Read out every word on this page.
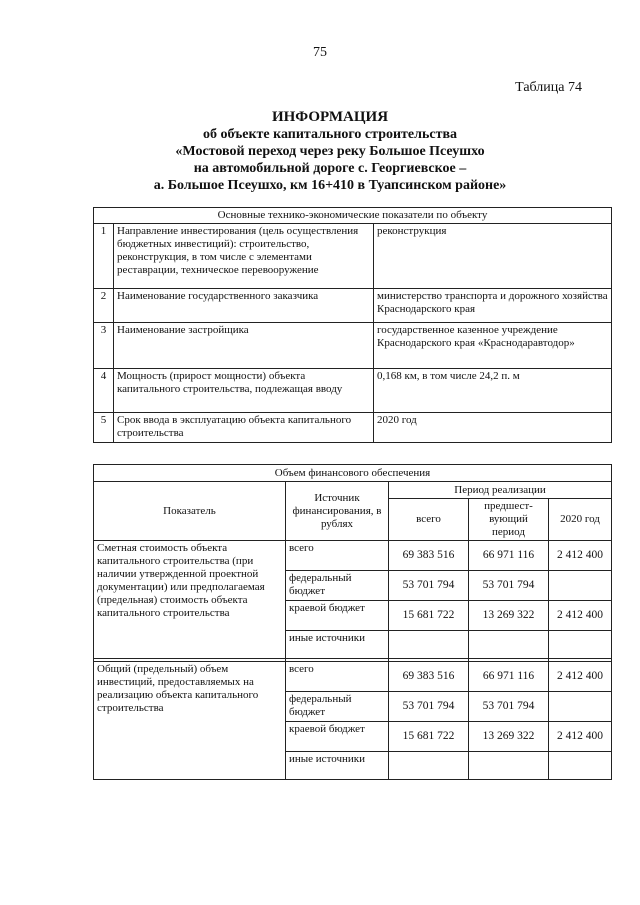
75
Таблица 74
ИНФОРМАЦИЯ
об объекте капитального строительства
«Мостовой переход через реку Большое Псеушхо
на автомобильной дороге с. Георгиевское –
а. Большое Псеушхо, км 16+410 в Туапсинском районе»
Основные технико-экономические показатели по объекту		
1	Направление инвестирования (цель осуществления бюджетных инвестиций): строительство, реконструкция, в том числе с элементами реставрации, техническое перевооружение	реконструкция
2	Наименование государственного заказчика	министерство транспорта и дорожного хозяйства Краснодарского края
3	Наименование застройщика	государственное казенное учреждение Краснодарского края «Краснодаравтодор»
4	Мощность (прирост мощности) объекта капитального строительства, подлежащая вводу	0,168 км, в том числе 24,2 п. м
5	Срок ввода в эксплуатацию объекта капитального строительства	2020 год
Объем финансового обеспечения				
Показатель	Источник финансирования, в рублях	Период реализации		
		всего	предшест-вующий период	2020 год
Сметная стоимость объекта капитального строительства (при наличии утвержденной проектной документации) или предполагаемая (предельная) стоимость объекта капитального строительства	всего	69 383 516	66 971 116	2 412 400
	федеральный бюджет	53 701 794	53 701 794	
	краевой бюджет	15 681 722	13 269 322	2 412 400
	иные источники			

Общий (предельный) объем инвестиций, предоставляемых на реализацию объекта капитального строительства	всего	69 383 516	66 971 116	2 412 400
	федеральный бюджет	53 701 794	53 701 794	
	краевой бюджет	15 681 722	13 269 322	2 412 400
	иные источники			
